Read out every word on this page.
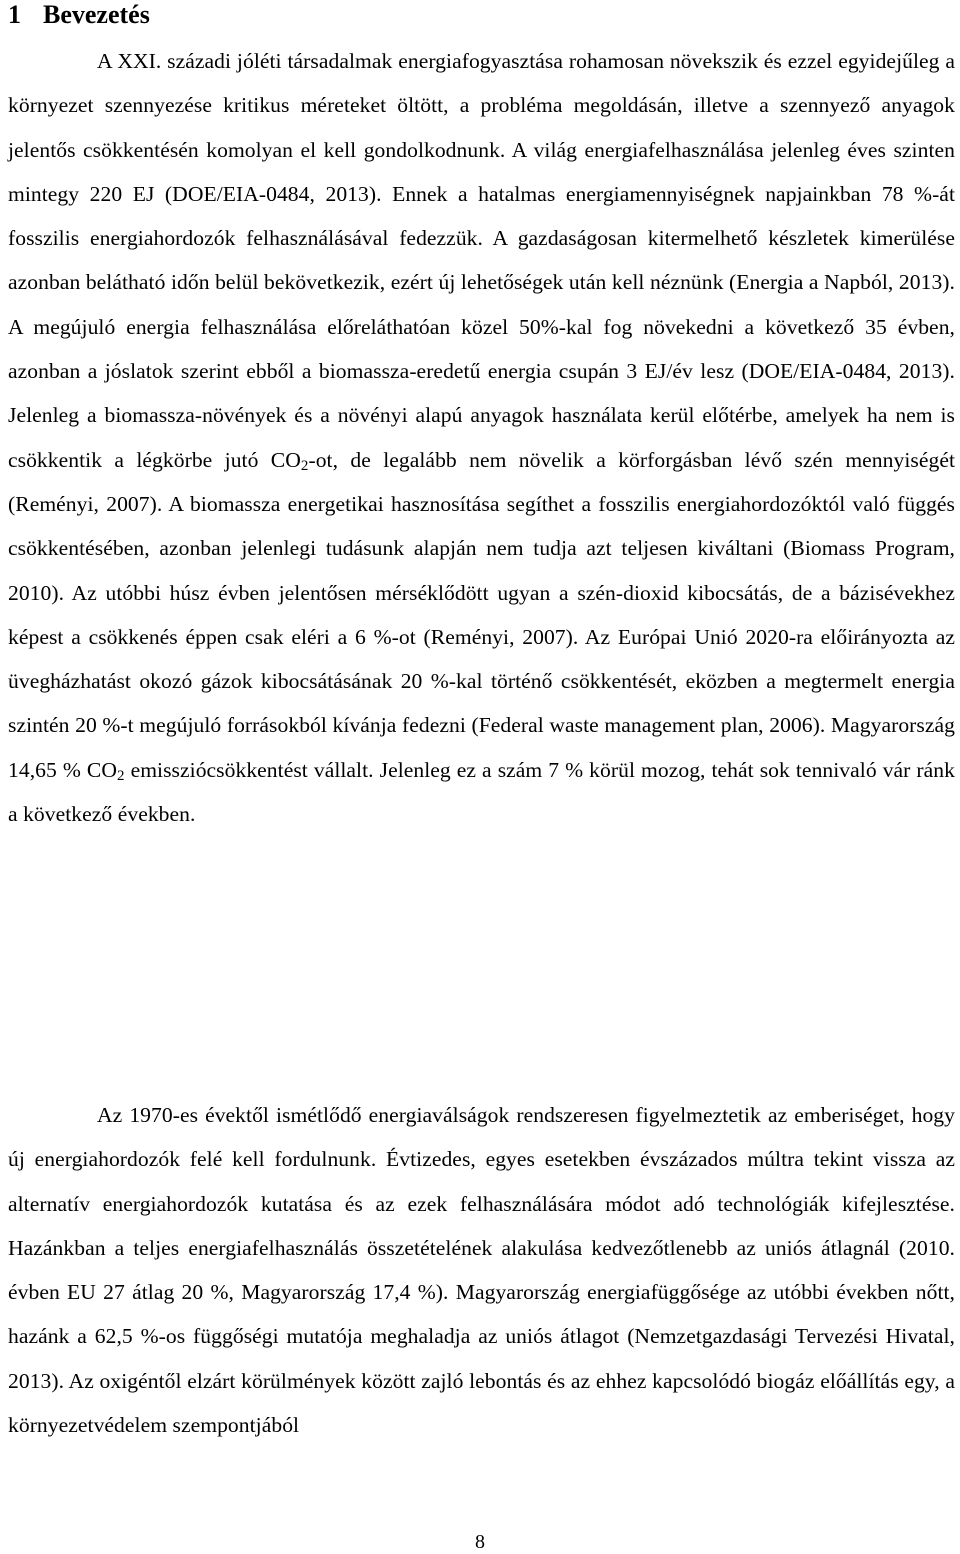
1 Bevezetés

A XXI. századi jóléti társadalmak energiafogyasztása rohamosan növekszik és ezzel egyidejűleg a környezet szennyezése kritikus méreteket öltött, a probléma megoldásán, illetve a szennyező anyagok jelentős csökkentésén komolyan el kell gondolkodnunk. A világ energiafelhasználása jelenleg éves szinten mintegy 220 EJ (DOE/EIA-0484, 2013). Ennek a hatalmas energiamennyiségnek napjainkban 78 %-át fosszilis energiahordozók felhasználásával fedezzük. A gazdaságosan kitermelhető készletek kimerülése azonban belátható időn belül bekövetkezik, ezért új lehetőségek után kell néznünk (Energia a Napból, 2013). A megújuló energia felhasználása előreláthatóan közel 50%-kal fog növekedni a következő 35 évben, azonban a jóslatok szerint ebből a biomassza-eredetű energia csupán 3 EJ/év lesz (DOE/EIA-0484, 2013). Jelenleg a biomassza-növények és a növényi alapú anyagok használata kerül előtérbe, amelyek ha nem is csökkentik a légkörbe jutó $CO_2-ot$, de legalább nem növelik a körforgásban lévő szén mennyiségét (Reményi, 2007). A biomassza energetikai hasznosítása segíthet a fosszilis energiahordozóktól való függés csökkentésében, azonban jelenlegi tudásunk alapján nem tudja azt teljesen kiváltani (Biomass Program, 2010). Az utóbbi húsz évben jelentősen mérséklődött ugyan a szén-dioxid kibocsátás, de a bázisévekhez képest a csökkenés éppen csak eléri a 6 %-ot (Reményi, 2007). Az Európai Unió 2020-ra előirányozta az üvegházhatást okozó gázok kibocsátásának 20 %-kal történő csökkentését, eközben a megtermelt energia szintén 20 %-t megújuló forrásokból kívánja fedezni (Federal waste management plan, 2006). Magyarország 14,65 % $CO_2$ emissziócsökkentést vállalt. Jelenleg ez a szám 7 % körül mozog, tehát sok tennivaló vár ránk a következő években.

Az 1970-es évektől ismétlődő energiaválságok rendszeresen figyelmeztetik az emberiséget, hogy új energiahordozók felé kell fordulnunk. Évtizedes, egyes esetekben évszázados múltra tekint vissza az alternatív energiahordozók kutatása és az ezek felhasználására módot adó technológiák kifejlesztése. Hazánkban a teljes energiafelhasználás összetételének alakulása kedvezőtlenebb az uniós átlagnál (2010. évben EU 27 átlag 20 %, Magyarország 17,4 %). Magyarország energiafüggősége az utóbbi években nőtt, hazánk a 62,5 %-os függőségi mutatója meghaladja az uniós átlagot (Nemzetgazdasági Tervezési Hivatal, 2013). Az oxigéntől elzárt körülmények között zajló lebontás és az ehhez kapcsolódó biogáz előállítás egy, a környezetvédelem szempontjából

8
